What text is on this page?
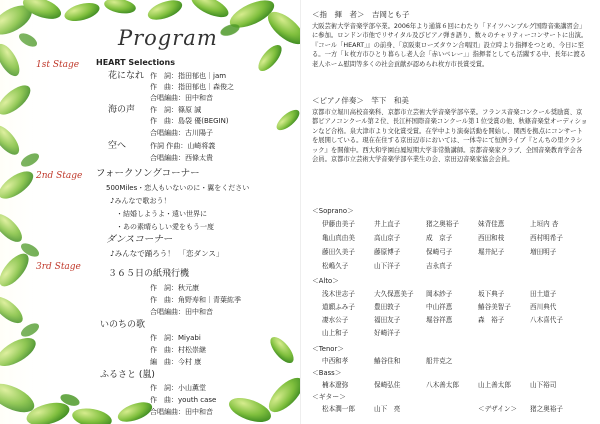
Program
1st Stage
2nd Stage
3rd Stage
HEART Selections
花になれ 作　詞：指田郁也｜jam
作　曲：指田郁也｜森俊之
合唱編曲：田中和音
海の声 作　詞：篠原 誠
作　曲：島袋 優(BEGIN)
合唱編曲：古川陽子
空へ	作詞 作曲：山崎将義
合唱編曲：西條太貴
フォークソングコーナー
500Miles・恋人もいないのに・翼をください
♪みんなで歌おう！
・結婚しようよ・遠い世界に
・あの素晴らしい愛をもう一度
ダンスコーナー
♪みんなで踊ろう！　「恋ダンス」
３６５日の紙飛行機
作　詞：秋元康
作　曲：角野寿和｜青葉紘季
合唱編曲：田中和音
いのちの歌
作　詞：Miyabi
作　曲：村松崇継
編　曲：今村 康
ふるさと (嵐)
作　詞：小山薫堂
作　曲：youth case
合唱編曲：田中和音
＜指　揮　者＞　吉岡とも子
大阪芸術大学音楽学部卒業。2006年より通算６回にわたり「ドイツハンブルグ国際音楽講習会」に参加。ロンドン市他でリサイタル及びピアノ弾き語り、数々のチャリティーコンサートに出演。『コール「HEART」』の前身、「京阪東ローズタウン合唱団」設立時より指揮をつとめ、今日に至る。一方「ｋ枚方市ひとり暮らし老人会「赤いベレー」」指揮者としても活躍する中、長年に渡る老人ホーム慰問等多くの社会貢献が認められ枚方市長賞受賞。
＜ピアノ伴奏＞　竿下　和美
京都市立堀川高校音楽科、京都市立芸術大学音楽学部卒業。フランス音楽コンクール奨励賞、京都ピアノコンクール第２位、長江杯国際音楽コンクール第１位受賞の他、秋篠音楽堂オーディションなど合格。泉大津市より文化賞受賞。在学中より演奏活動を開始し、関西を拠点にコンサートを展開している。現在在住する京田辺市においては、一体寺にて恒例ライブ『とんちの里クラシック』を開催中。西大和学園白鳳短期大学非常勤講師。京都音楽家クラブ、全国音楽教育学会各会員。京都市立芸術大学音楽学部卒業生の会、京田辺音楽家協会会員。
＜Soprano＞
伊藤由美子	井上直子	猪之奥裕子	妹背佳恵	上垣内 杏
亀山真由美	高山京子	成　京子	西田和枝	西村明希子
藤田久美子	藤原博子	保崎弓子	堀井紀子	増田明子
松嶋久子	山下洋子	吉永真子
＜Alto＞
浅木世志子	大久保恵美子 岡本紗子	坂下典子	田土道子
道願ふみ子	豊田敦子	中山祥恵	鰆谷美智子	西川典代
凄水公子	福田友子	堀谷祥恵	森　裕子	八木喜代子
山上和子	好崎洋子
＜Tenor＞
中西和孝	鰆谷住和	船井克之
＜Bass＞
楠本遼弥	保崎弘住	八木善太郎	山上善太郎	山下裕司
＜ギター＞
松本潤一郎	山下　亮	＜デザイン＞ 猪之奥裕子
